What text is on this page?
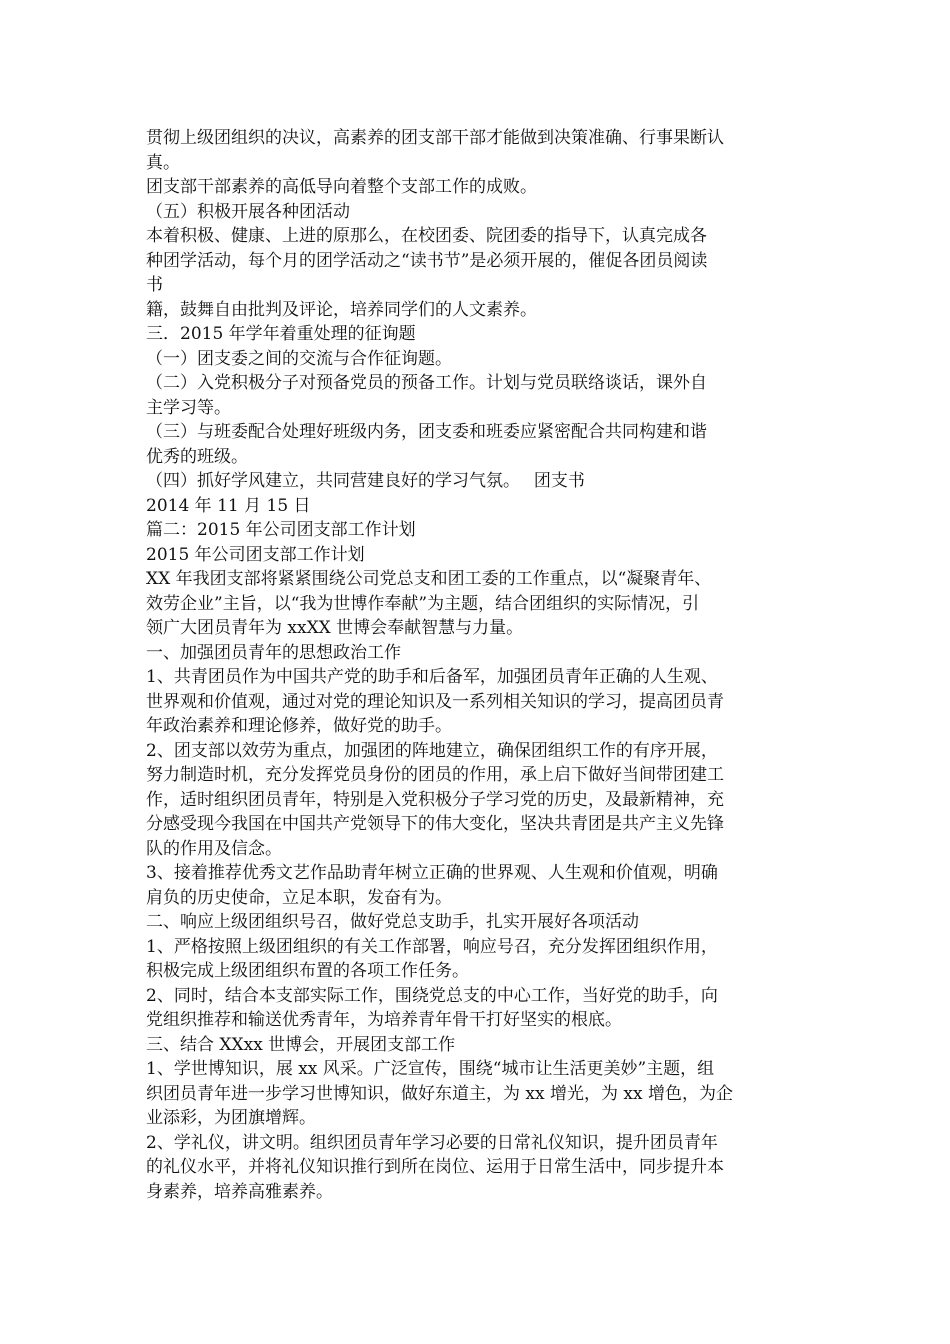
贯彻上级团组织的决议，高素养的团支部干部才能做到决策准确、行事果断认
真。
团支部干部素养的高低导向着整个支部工作的成败。
（五）积极开展各种团活动
本着积极、健康、上进的原那么，在校团委、院团委的指导下，认真完成各
种团学活动，每个月的团学活动之“读书节”是必须开展的，催促各团员阅读
书
籍，鼓舞自由批判及评论，培养同学们的人文素养。
三．2015 年学年着重处理的征询题
（一）团支委之间的交流与合作征询题。
（二）入党积极分子对预备党员的预备工作。计划与党员联络谈话，课外自
主学习等。
（三）与班委配合处理好班级内务，团支委和班委应紧密配合共同构建和谐
优秀的班级。
（四）抓好学风建立，共同营建良好的学习气氛。　 团支书
2014 年 11 月 15 日
篇二：2015 年公司团支部工作计划
2015 年公司团支部工作计划
XX 年我团支部将紧紧围绕公司党总支和团工委的工作重点，以“凝聚青年、
效劳企业”主旨，以“我为世博作奉献”为主题，结合团组织的实际情况，引
领广大团员青年为 xxXX 世博会奉献智慧与力量。
一、加强团员青年的思想政治工作
1、共青团员作为中国共产党的助手和后备军，加强团员青年正确的人生观、
世界观和价值观，通过对党的理论知识及一系列相关知识的学习，提高团员青
年政治素养和理论修养，做好党的助手。
2、团支部以效劳为重点，加强团的阵地建立，确保团组织工作的有序开展，
努力制造时机，充分发挥党员身份的团员的作用，承上启下做好当间带团建工
作，适时组织团员青年，特别是入党积极分子学习党的历史，及最新精神，充
分感受现今我国在中国共产党领导下的伟大变化，坚决共青团是共产主义先锋
队的作用及信念。
3、接着推荐优秀文艺作品助青年树立正确的世界观、人生观和价值观，明确
肩负的历史使命，立足本职，发奋有为。
二、响应上级团组织号召，做好党总支助手，扎实开展好各项活动
1、严格按照上级团组织的有关工作部署，响应号召，充分发挥团组织作用，
积极完成上级团组织布置的各项工作任务。
2、同时，结合本支部实际工作，围绕党总支的中心工作，当好党的助手，向
党组织推荐和输送优秀青年，为培养青年骨干打好坚实的根底。
三、结合 XXxx 世博会，开展团支部工作
1、学世博知识，展 xx 风采。广泛宣传，围绕“城市让生活更美妙”主题，组
织团员青年进一步学习世博知识，做好东道主，为 xx 增光，为 xx 增色，为企
业添彩，为团旗增辉。
2、学礼仪，讲文明。组织团员青年学习必要的日常礼仪知识，提升团员青年
的礼仪水平，并将礼仪知识推行到所在岗位、运用于日常生活中，同步提升本
身素养，培养高雅素养。
